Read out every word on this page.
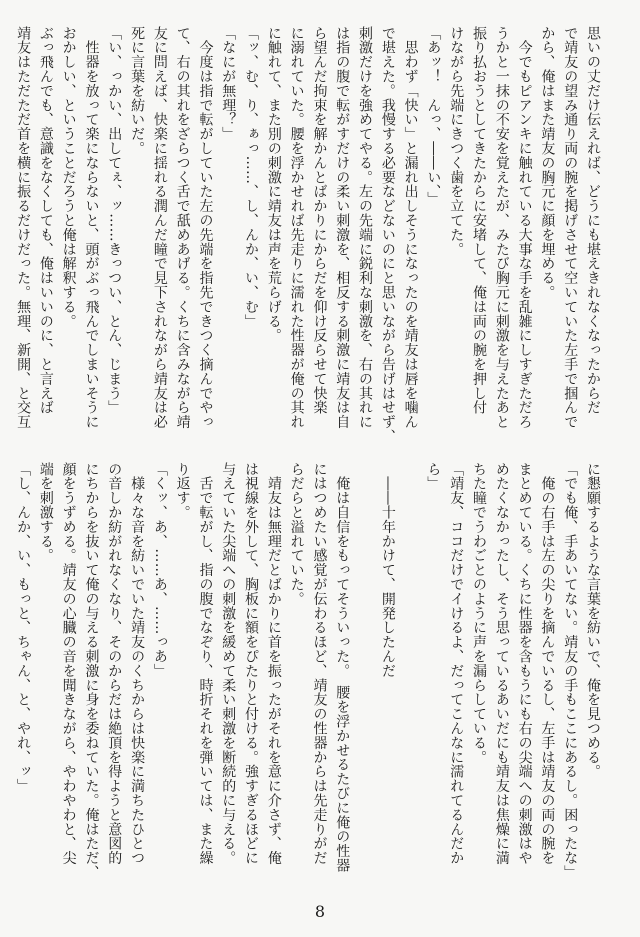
思いの丈だけ伝えれば、どうにも堪えきれなくなったからだ
で靖友の望み通り両の腕を掲げさせて空いていた左手で掴んで
から、俺はまた靖友の胸元に顔を埋める。
　今でもピアンキに触れている大事な手を乱雑にしすぎただろ
うかと一抹の不安を覚えたが、みたび胸元に刺激を与えたあと
振り払おうとしてきたからに安堵して、俺は両の腕を押し付
けながら先端にきつく歯を立てた。
「あッ！　んっ、――い、」
　思わず「快い」と漏れ出しそうになったのを靖友は唇を噛ん
で堪えた。我慢する必要などないのにと思いながら告げはせず、
刺激だけを強めてやる。左の先端に鋭利な刺激を、右の其れに
は指の腹で転がすだけの柔い刺激を、相反する刺激に靖友は自
ら望んだ拘束を解かんとばかりにからだを仰け反らせて快楽
に溺れていた。腰を浮かせれば先走りに濡れた性器が俺の其れ
に触れて、また別の刺激に靖友は声を荒らげる。
「ッ、む、り、ぁっ……、し、んか、い、む」
「なにが無理？」
　今度は指で転がしていた左の先端を指先できつく摘んでやっ
て、右の其れをざらつく舌で舐めあげる。くちに含みながら靖
友に問えば、快楽に揺れる潤んだ瞳で見下されながら靖友は必
死に言葉を紡いだ。
「い、っかい、出してぇ、ッ……きっつい、とん、じまう」
　性器を放って楽にならないと、頭がぶっ飛んでしまいそうに
おかしい、ということだろうと俺は解釈する。
ぶっ飛んでも、意識をなくしても、俺はいいのに、と言えば
靖友はただただ首を横に振るだけだった。無理、新開、と交互
に懇願するような言葉を紡いで、俺を見つめる。
「でも俺、手あいてない。靖友の手もここにあるし。困ったな」
　俺の右手は左の尖りを摘んでいるし、左手は靖友の両の腕を
まとめている。くちに性器を含もうにも右の尖端への刺激はや
めたくなかったし、そう思っているあいだにも靖友は焦燥に満
ちた瞳でうわごとのように声を漏らしている。
「靖友、ココだけでイけるよ、だってこんなに濡れてるんだか
ら」

　――十年かけて、開発したんだ

　俺は自信をもってそういった。　腰を浮かせるたびに俺の性器
にはつめたい感覚が伝わるほど、靖友の性器からは先走りがだ
らだらと溢れていた。
　靖友は無理だとばかりに首を振ったがそれを意に介さず、俺
は視線を外して、胸板に額をぴたりと付ける。強すぎるほどに
与えていた尖端への刺激を緩めて柔い刺激を断続的に与える。
　舌で転がし、指の腹でなぞり、時折それを弾いては、また繰
り返す。
「くッ、あ、……あ、……っあ」
　様々な音を紡いでいた靖友のくちからは快楽に満ちたひとつ
の音しか紡がれなくなり、そのからだは絶頂を得ようと意図的
にちからを抜いて俺の与える刺激に身を委ねていた。俺はただ、
顔をうずめる。靖友の心臓の音を聞きながら、やわやわと、尖
端を刺激する。
「し、んか、い、もっと、ちゃん、と、やれ、ッ」
8
